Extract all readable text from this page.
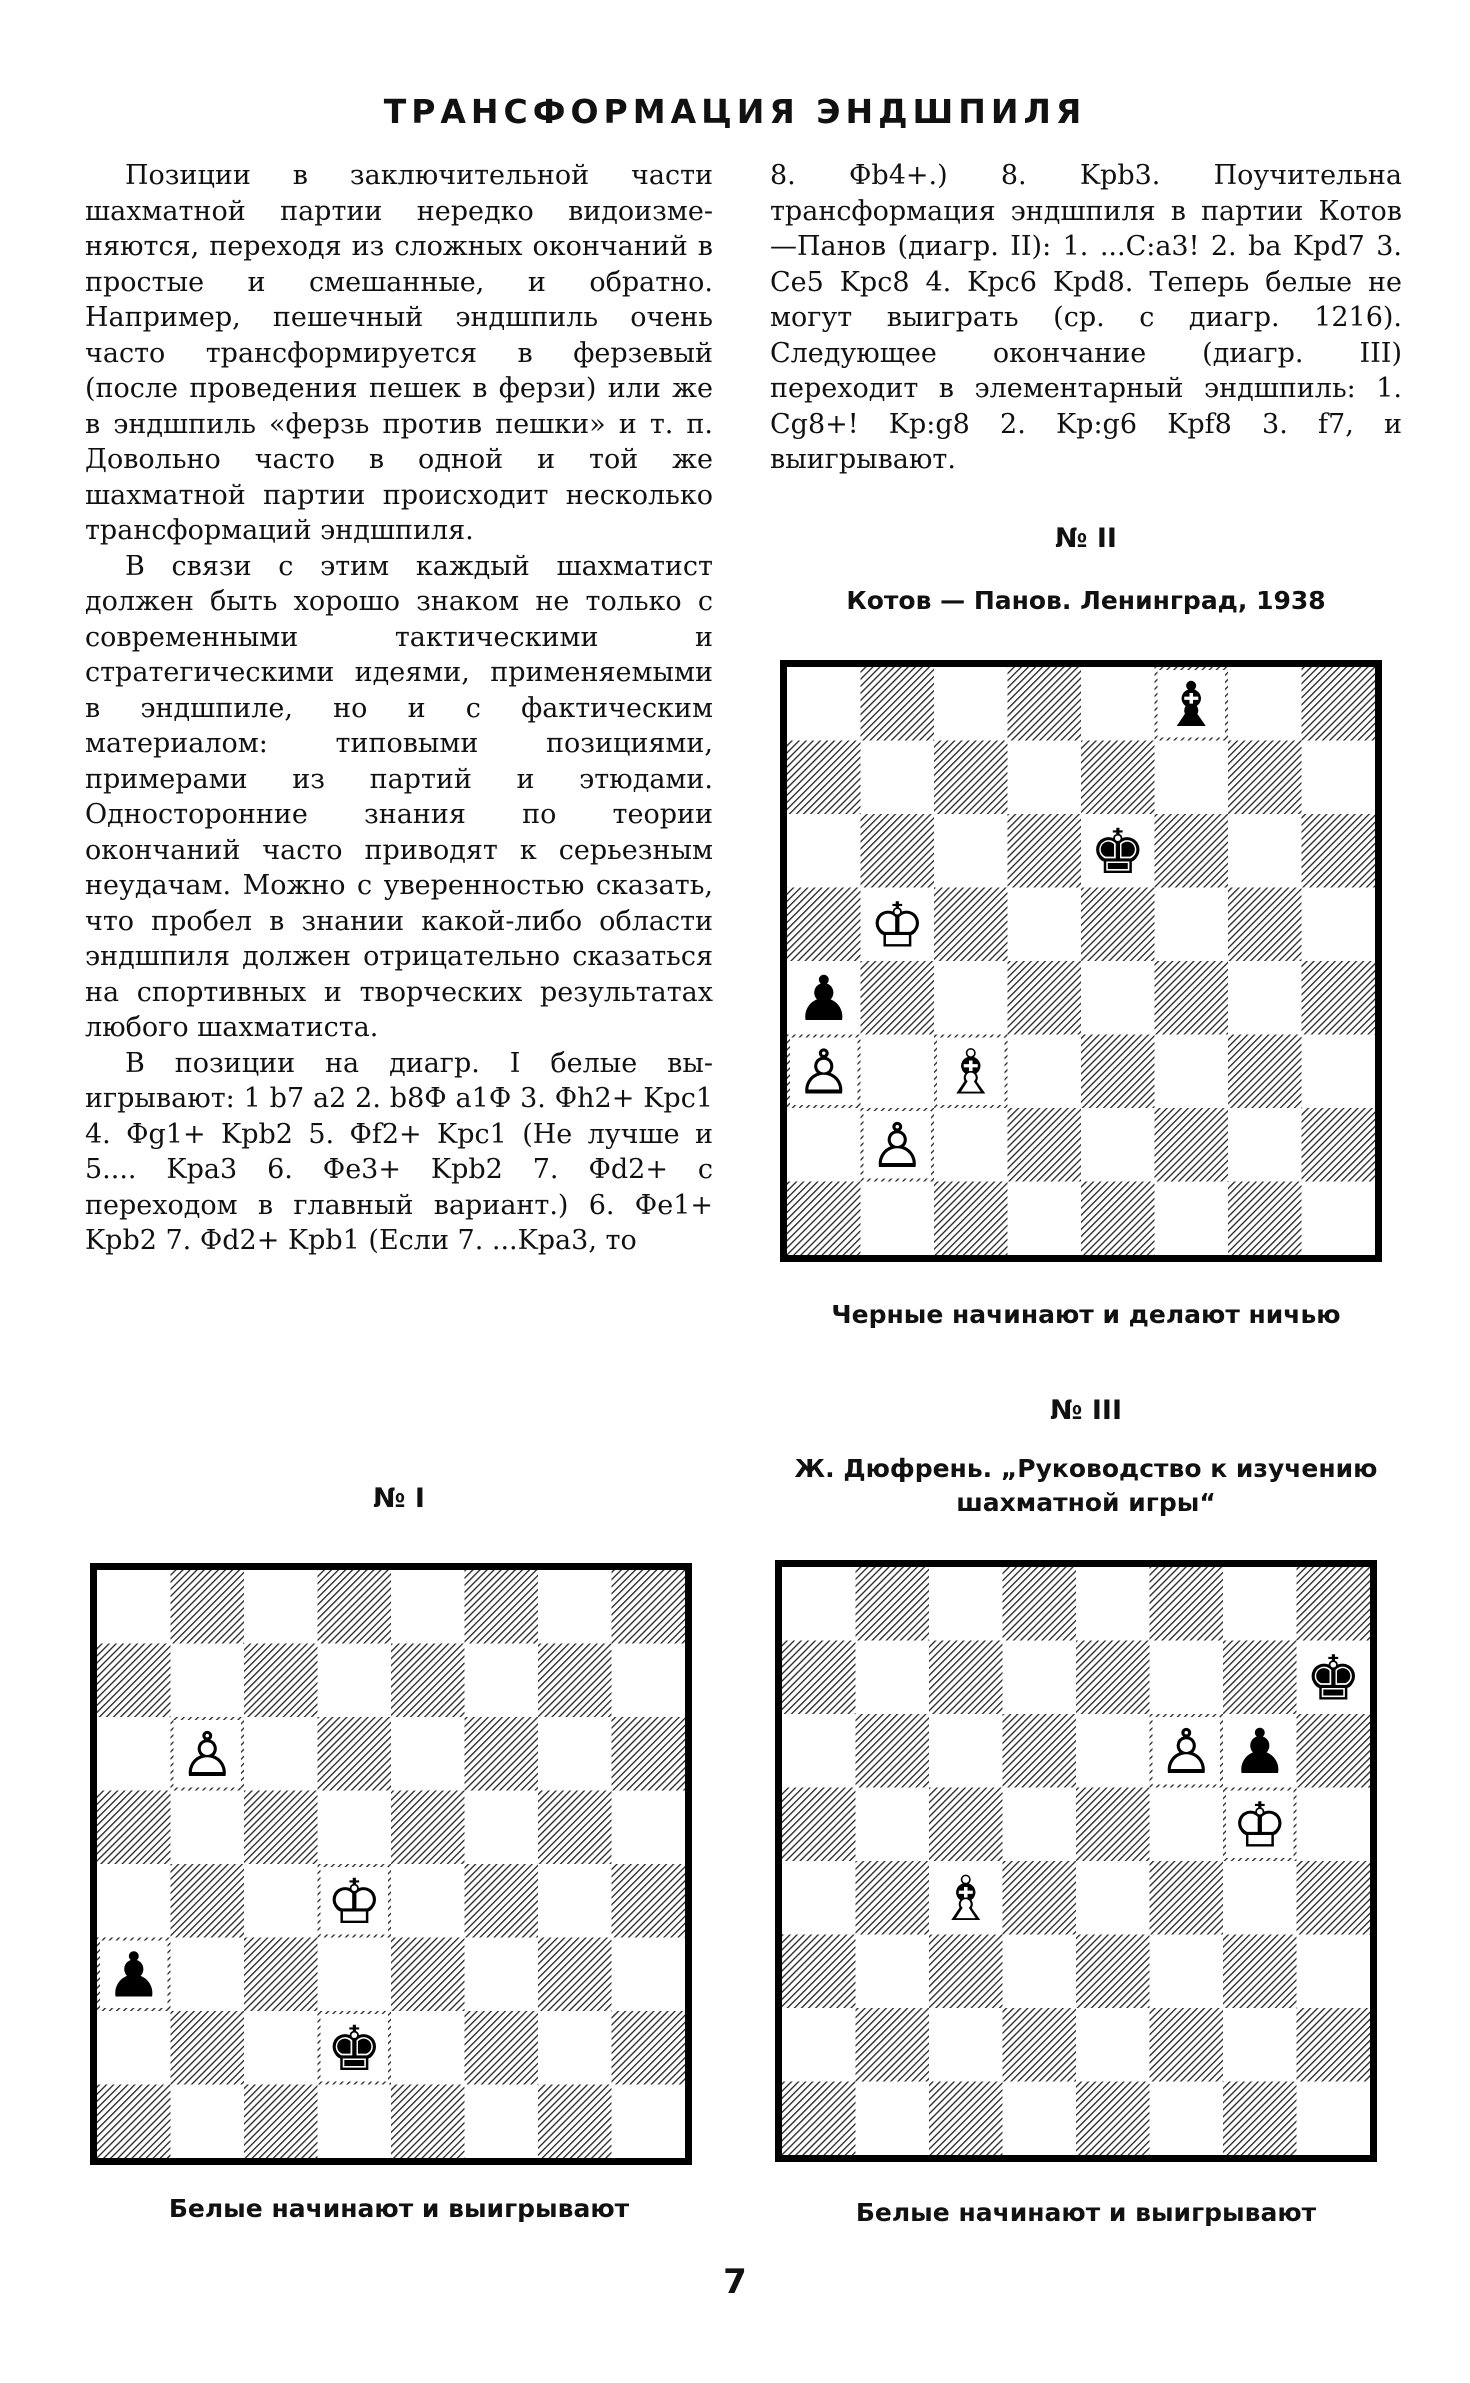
ТРАНСФОРМАЦИЯ ЭНДШПИЛЯ

Позиции в заключительной части шахматной партии нередко видоизменяются, переходя из сложных окончаний в простые и смешанные, и обратно. Например, пешечный эндшпиль очень часто трансформируется в ферзевый (после проведения пешек в ферзи) или же в эндшпиль «ферзь против пешки» и т. п. Довольно часто в одной и той же шахматной партии происходит несколько трансформаций эндшпиля.

В связи с этим каждый шахматист должен быть хорошо знаком не только с современными тактическими и стратегическими идеями, применяемыми в эндшпиле, но и с фактическим материалом: типовыми позициями, примерами из партий и этюдами. Односторонние знания по теории окончаний часто приводят к серьезным неудачам. Можно с уверенностью сказать, что пробел в знании какой-либо области эндшпиля должен отрицательно сказаться на спортивных и творческих результатах любого шахматиста.

В позиции на диагр. I белые выигрывают: 1 b7 a2 2. b8Ф a1Ф 3. Фh2+ Kpc1 4. Фg1+ Kpb2 5. Фf2+ Kpc1 (Не лучше и 5.... Kpa3 6. Фe3+ Kpb2 7. Фd2+ с переходом в главный вариант.) 6. Фe1+ Kpb2 7. Фd2+ Kpb1 (Если 7. ...Kpa3, то

8. Фb4+.) 8. Kpb3. Поучительна трансформация эндшпиля в партии Котов—Панов (диагр. II): 1. ...C:a3! 2. ba Kpd7 3. Ce5 Kpc8 4. Kpc6 Kpd8. Теперь белые не могут выиграть (ср. с диагр. 1216). Следующее окончание (диагр. III) переходит в элементарный эндшпиль: 1. Cg8+! Kp:g8 2. Kp:g6 Kpf8 3. f7, и выигрывают.

№ II
Котов — Панов. Ленинград, 1938
♝
♚
♔
♟
♙ ♗
♙
Черные начинают и делают ничью
№ III
Ж. Дюфрень. „Руководство к изучению шахматной игры“
♚
♙ ♟
♔
♗
Белые начинают и выигрывают
№ I
Белые начинают и выигрывают
♙
♔
♟
♚
7
